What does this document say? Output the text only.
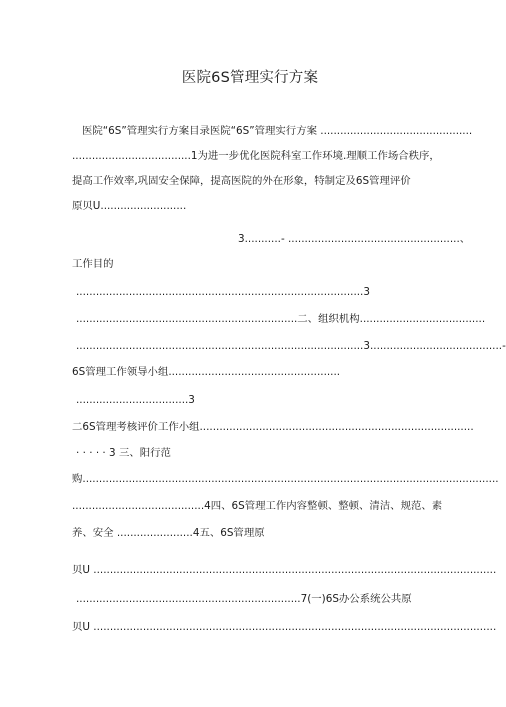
医院6S管理实行方案
医院“6S”管理实行方案目录医院“6S”管理实行方案 ..............................................
....................................1为进一步优化医院科室工作环境.理顺工作场合秩序，
提高工作效率,巩固安全保障，提高医院的外在形象，特制定及6S管理评价
原贝U..........................
3...........- ....................................................、
工作目的
.......................................................................................3
...................................................................二、组织机构......................................
.......................................................................................3........................................-
6S管理工作领导小组....................................................
..................................3
二6S管理考核评价工作小组...................................................................................
· · · · · 3 三、阳行范
购..............................................................................................................................
........................................4四、6S管理工作内容整顿、整顿、清洁、规范、素
养、安全 .......................4五、6S管理原
贝U ..........................................................................................................................
....................................................................7(一)6S办公系统公共原
贝U ..........................................................................................................................
